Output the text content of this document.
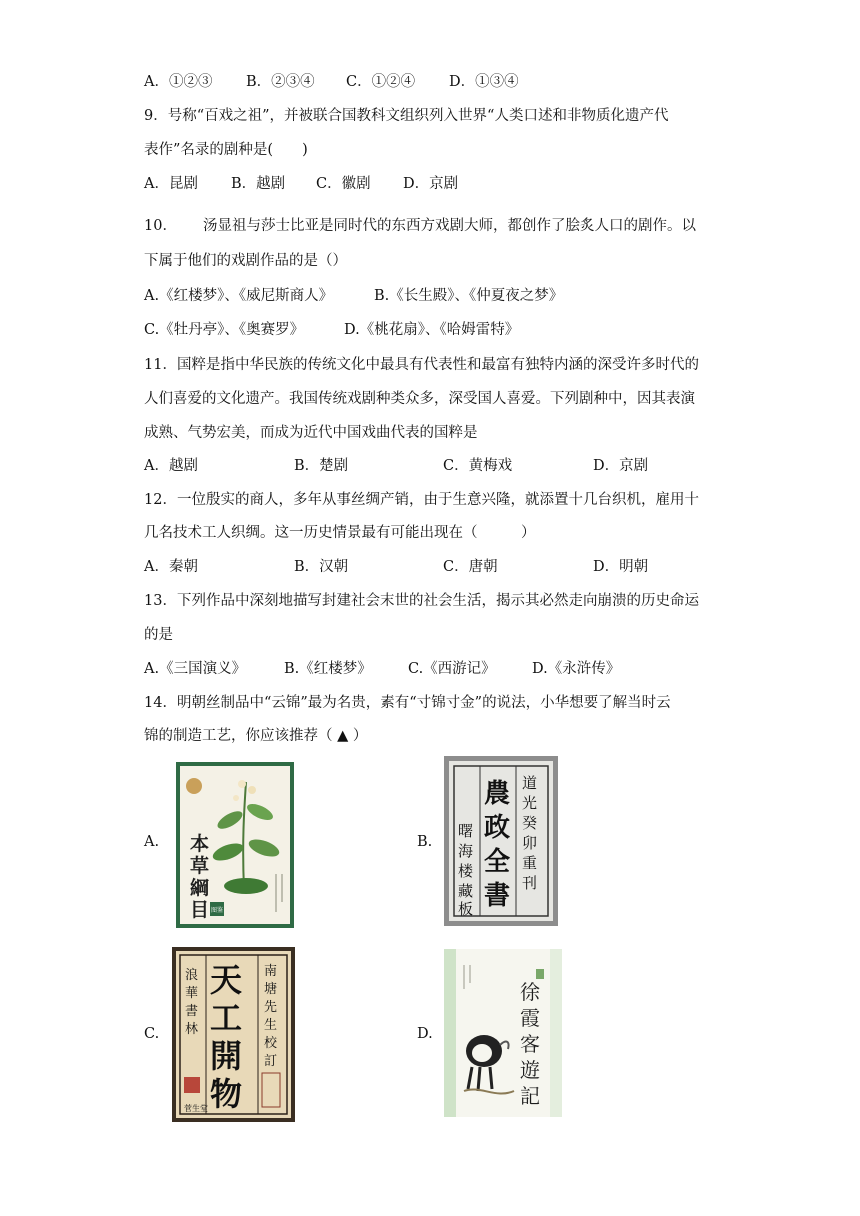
A．①②③ B．②③④ C．①②④ D．①③④
9．号称“百戏之祖”，并被联合国教科文组织列入世界“人类口述和非物质化遗产代
表作”名录的剧种是(　　)
A．昆剧 B．越剧 C．徽剧 D．京剧
10． 汤显祖与莎士比亚是同时代的东西方戏剧大师，都创作了脍炙人口的剧作。以
下属于他们的戏剧作品的是（）
A.《红楼梦》、《威尼斯商人》	B.《长生殿》、《仲夏夜之梦》
C.《牡丹亭》、《奥赛罗》	D.《桃花扇》、《哈姆雷特》
11．国粹是指中华民族的传统文化中最具有代表性和最富有独特内涵的深受许多时代的
人们喜爱的文化遗产。我国传统戏剧种类众多，深受国人喜爱。下列剧种中，因其表演
成熟、气势宏美，而成为近代中国戏曲代表的国粹是
A．越剧	B．楚剧	C．黄梅戏	D．京剧
12．一位殷实的商人，多年从事丝绸产销，由于生意兴隆，就添置十几台织机，雇用十
几名技术工人织绸。这一历史情景最有可能出现在（　　　）
A．秦朝	B．汉朝	C．唐朝	D．明朝
13．下列作品中深刻地描写封建社会末世的社会生活，揭示其必然走向崩溃的历史命运
的是
A.《三国演义》	B.《红楼梦》 C.《西游记》	D.《永浒传》
14．明朝丝制品中“云锦”最为名贵，素有“寸锦寸金”的说法，小华想要了解当时云
锦的制造工艺，你应该推荐（ ▲ ）
A.	B.
C.	D.
本
草
綱
目 图鉴
農
政
全
書
道
光
癸
卯
重
刊
曙
海
楼
藏
板
天
工
開
物
浪
華
書
林
南
塘
先
生
校
訂
菅生堂
徐
霞
客
遊
記
